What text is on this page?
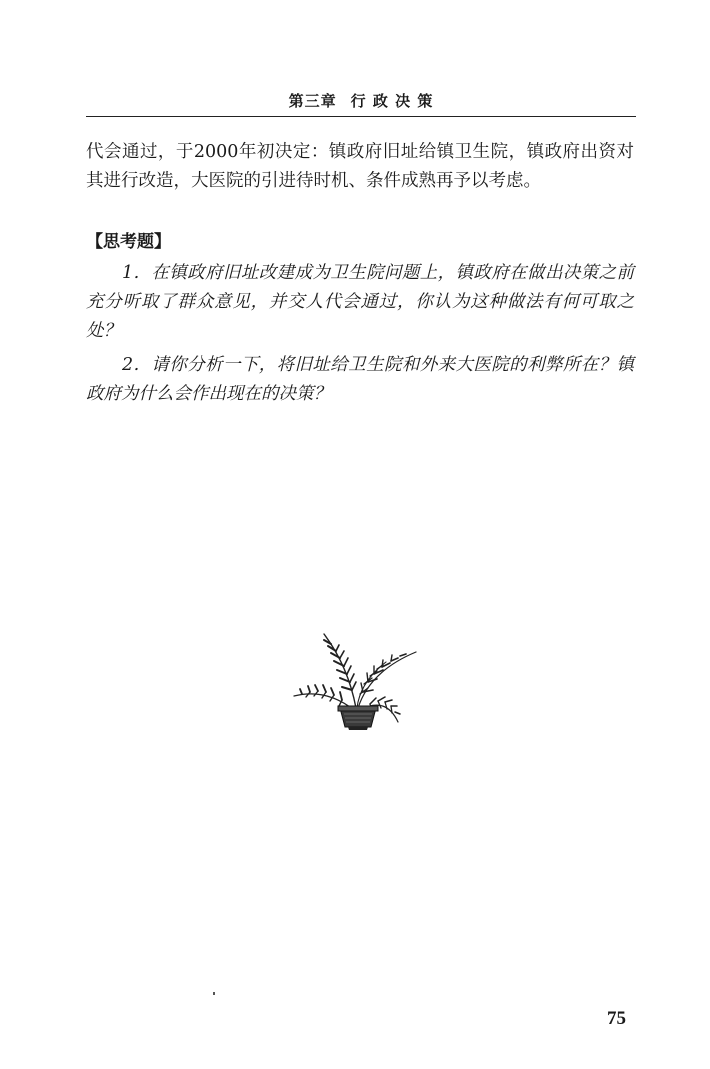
第三章 行 政 决 策

代会通过，于2000年初决定：镇政府旧址给镇卫生院，镇政府出资对其进行改造，大医院的引进待时机、条件成熟再予以考虑。

【思考题】

1．在镇政府旧址改建成为卫生院问题上，镇政府在做出决策之前充分听取了群众意见，并交人代会通过，你认为这种做法有何可取之处？

2．请你分析一下，将旧址给卫生院和外来大医院的利弊所在？镇政府为什么会作出现在的决策？

75
